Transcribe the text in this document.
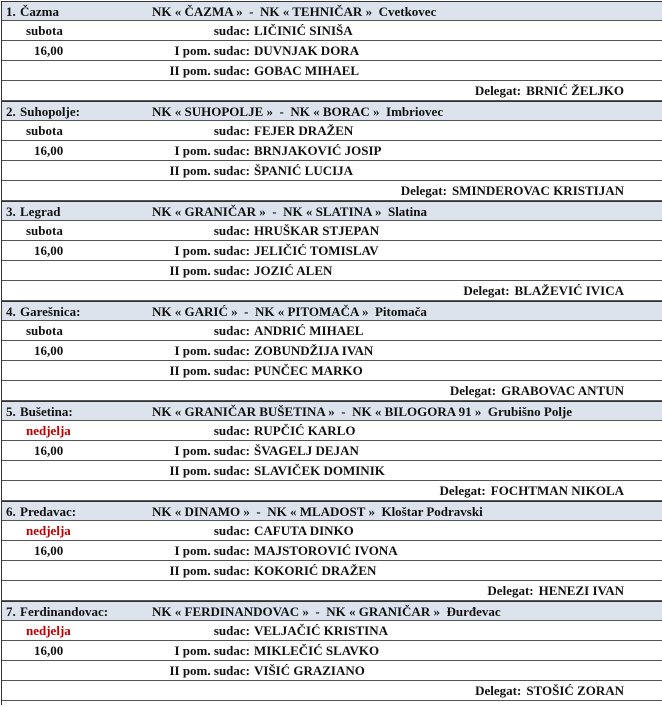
1. Čazma	NK « ČAZMA » - NK « TEHNIČAR » Cvetkovec
subota	sudac: LIČINIĆ SINIŠA
16,00	I pom. sudac: DUVNJAK DORA
II pom. sudac: GOBAC MIHAEL
Delegat: BRNIĆ ŽELJKO
2. Suhopolje:	NK « SUHOPOLJE » - NK « BORAC » Imbriovec
subota	sudac: FEJER DRAŽEN
16,00	I pom. sudac: BRNJAKOVIĆ JOSIP
II pom. sudac: ŠPANIĆ LUCIJA
Delegat: SMINDEROVAC KRISTIJAN
3. Legrad	NK « GRANIČAR » - NK « SLATINA » Slatina
subota	sudac: HRUŠKAR STJEPAN
16,00	I pom. sudac: JELIČIĆ TOMISLAV
II pom. sudac: JOZIĆ ALEN
Delegat: BLAŽEVIĆ IVICA
4. Garešnica:	NK « GARIĆ » - NK « PITOMAČA » Pitomača
subota	sudac: ANDRIĆ MIHAEL
16,00	I pom. sudac: ZOBUNDŽIJA IVAN
II pom. sudac: PUNČEC MARKO
Delegat: GRABOVAC ANTUN
5. Bušetina:	NK « GRANIČAR BUŠETINA » - NK « BILOGORA 91 » Grubišno Polje
nedjelja	sudac: RUPČIĆ KARLO
16,00	I pom. sudac: ŠVAGELJ DEJAN
II pom. sudac: SLAVIČEK DOMINIK
Delegat: FOCHTMAN NIKOLA
6. Predavac:	NK « DINAMO » - NK « MLADOST » Kloštar Podravski
nedjelja	sudac: CAFUTA DINKO
16,00	I pom. sudac: MAJSTOROVIĆ IVONA
II pom. sudac: KOKORIĆ DRAŽEN
Delegat: HENEZI IVAN
7. Ferdinandovac:	NK « FERDINANDOVAC » - NK « GRANIČAR » Đurđevac
nedjelja	sudac: VELJAČIĆ KRISTINA
16,00	I pom. sudac: MIKLEČIĆ SLAVKO
II pom. sudac: VIŠIĆ GRAZIANO
Delegat: STOŠIĆ ZORAN
